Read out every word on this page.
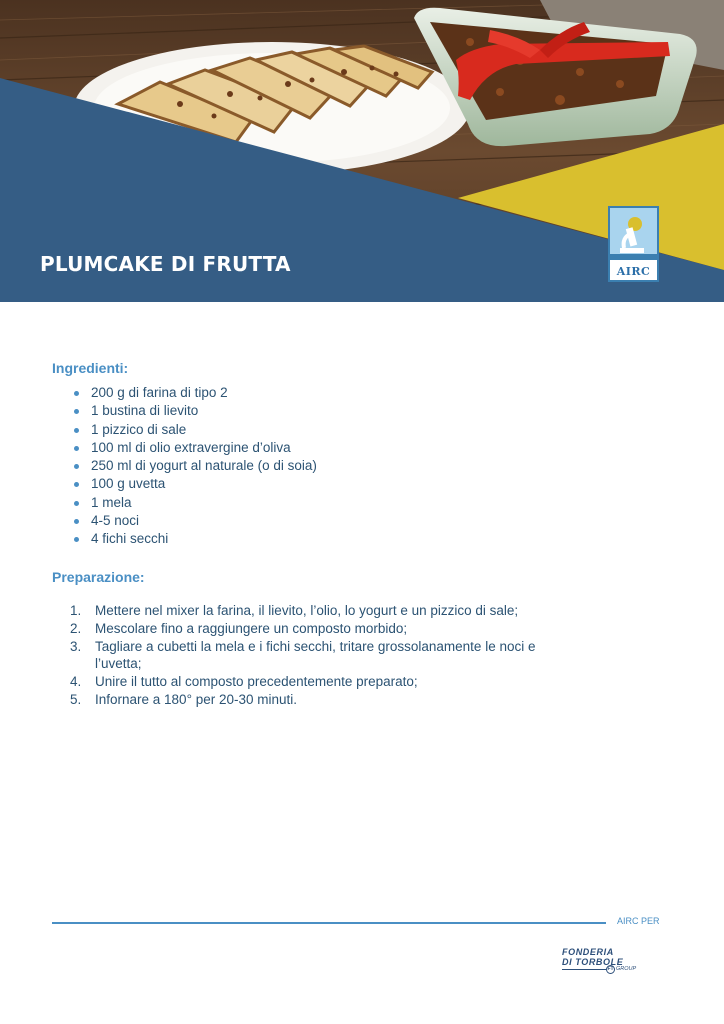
PLUMCAKE DI FRUTTA	AIRC
Ingredienti:
200 g di farina di tipo 2
1 bustina di lievito
1 pizzico di sale
100 ml di olio extravergine d’oliva
250 ml di yogurt al naturale (o di soia)
100 g uvetta
1 mela
4-5 noci
4 fichi secchi
Preparazione:
1. Mettere nel mixer la farina, il lievito, l’olio, lo yogurt e un pizzico di sale;
2. Mescolare fino a raggiungere un composto morbido;
3. Tagliare a cubetti la mela e i fichi secchi, tritare grossolanamente le noci e l’uvetta;
4. Unire il tutto al composto precedentemente preparato;
5. Infornare a 180° per 20-30 minuti.
AIRC PER
FONDERIA
DI TORBOLE
FT GROUP
